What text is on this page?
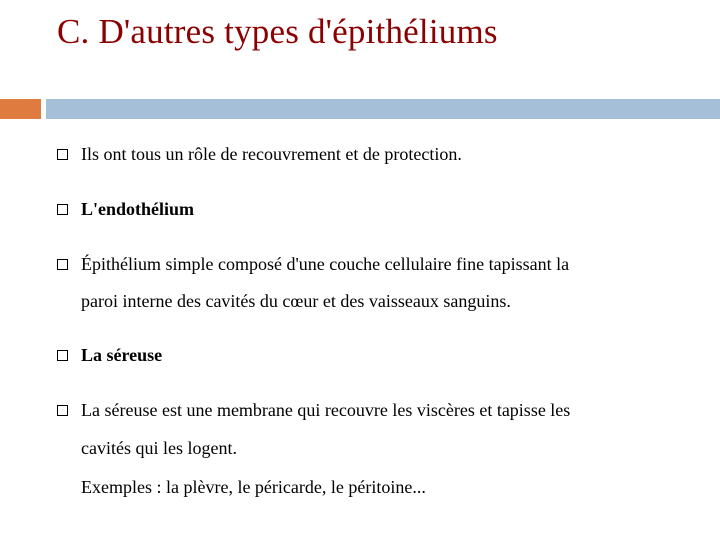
C. D'autres types d'épithéliums
Ils ont tous un rôle de recouvrement et de protection.
L'endothélium
Épithélium simple composé d'une couche cellulaire fine tapissant la
paroi interne des cavités du cœur et des vaisseaux sanguins.
La séreuse
La séreuse est une membrane qui recouvre les viscères et tapisse les
cavités qui les logent.
Exemples : la plèvre, le péricarde, le péritoine...
